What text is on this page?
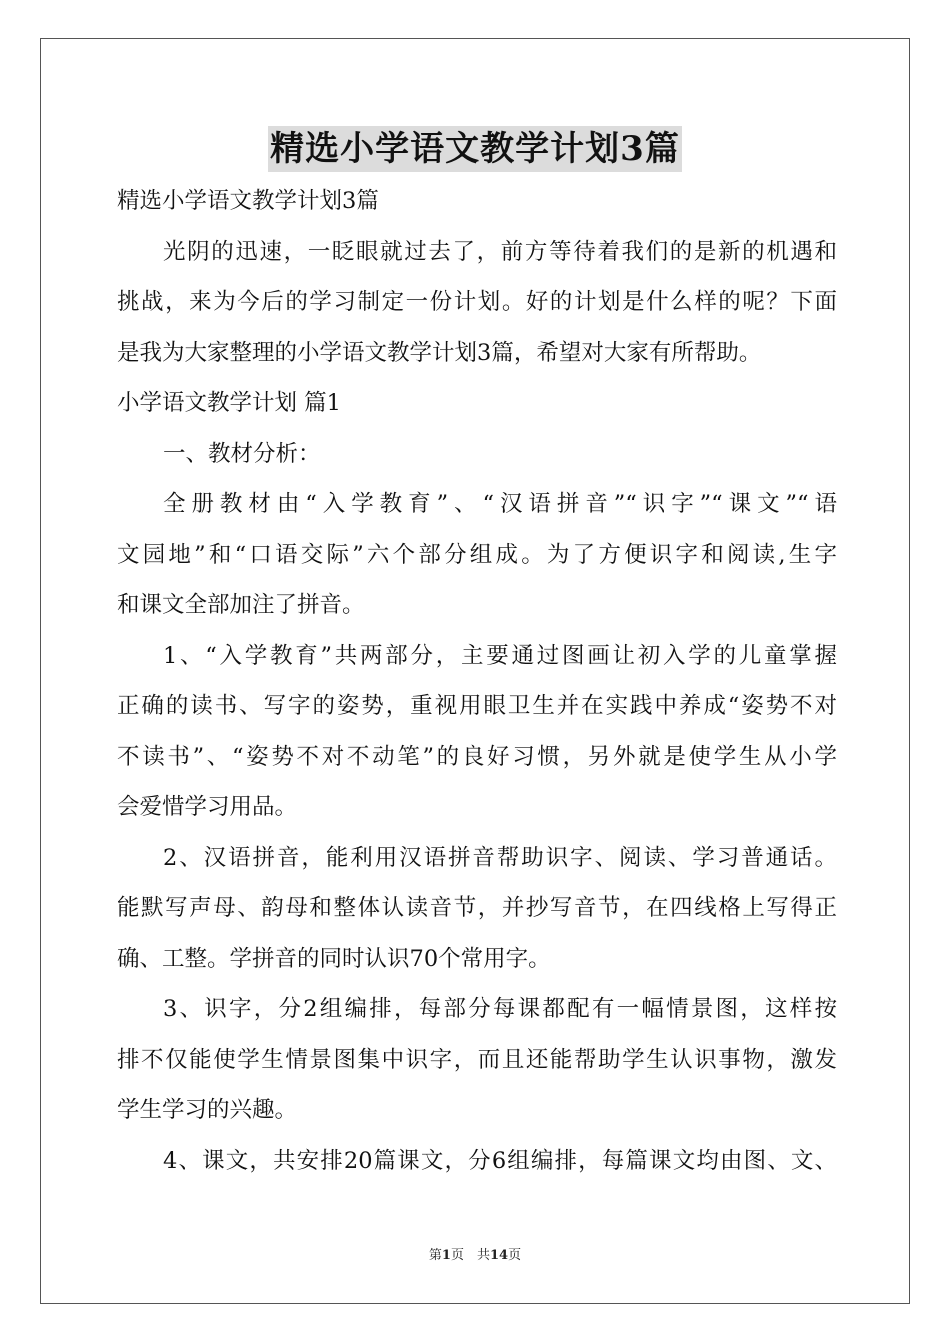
精选小学语文教学计划3篇
精选小学语文教学计划3篇
光阴的迅速，一眨眼就过去了，前方等待着我们的是新的机遇和
挑战，来为今后的学习制定一份计划。好的计划是什么样的呢？下面
是我为大家整理的小学语文教学计划3篇，希望对大家有所帮助。
小学语文教学计划 篇1
一、教材分析：
全册教材由“入学教育”、“汉语拼音”“识字”“课文”“语
文园地”和“口语交际”六个部分组成。为了方便识字和阅读,生字
和课文全部加注了拼音。
1、“入学教育”共两部分，主要通过图画让初入学的儿童掌握
正确的读书、写字的姿势，重视用眼卫生并在实践中养成“姿势不对
不读书”、“姿势不对不动笔”的良好习惯，另外就是使学生从小学
会爱惜学习用品。
2、汉语拼音，能利用汉语拼音帮助识字、阅读、学习普通话。
能默写声母、韵母和整体认读音节，并抄写音节，在四线格上写得正
确、工整。学拼音的同时认识70个常用字。
3、识字，分2组编排，每部分每课都配有一幅情景图，这样按
排不仅能使学生情景图集中识字，而且还能帮助学生认识事物，激发
学生学习的兴趣。
4、课文，共安排20篇课文，分6组编排，每篇课文均由图、文、
第1页　共14页
